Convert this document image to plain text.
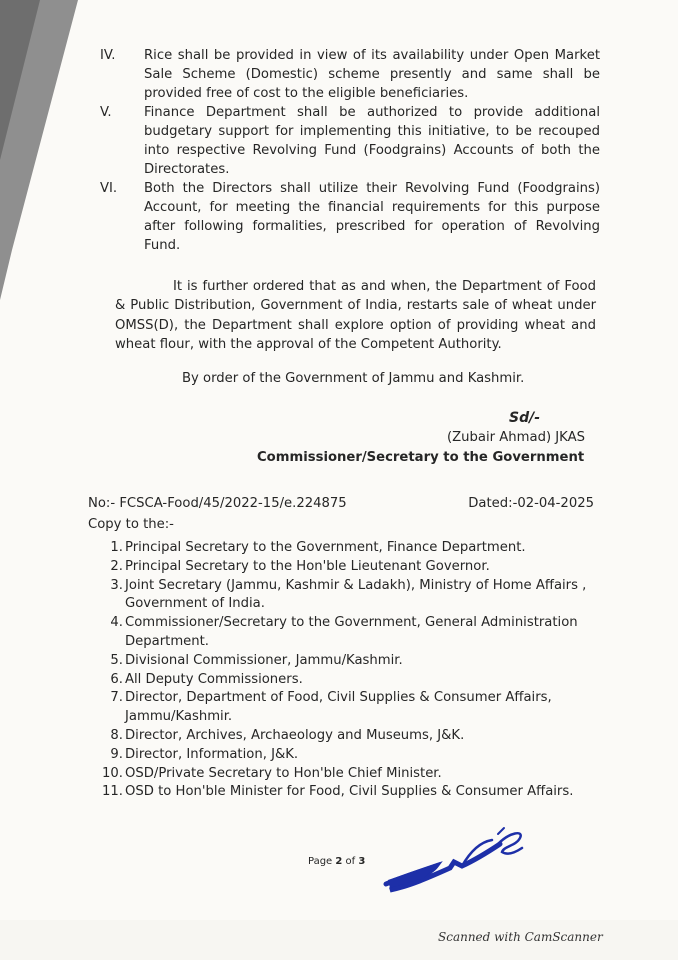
IV.	Rice shall be provided in view of its availability under Open Market Sale Scheme (Domestic) scheme presently and same shall be provided free of cost to the eligible beneficiaries.
V.	Finance Department shall be authorized to provide additional budgetary support for implementing this initiative, to be recouped into respective Revolving Fund (Foodgrains) Accounts of both the Directorates.
VI.	Both the Directors shall utilize their Revolving Fund (Foodgrains) Account, for meeting the financial requirements for this purpose after following formalities, prescribed for operation of Revolving Fund.
It is further ordered that as and when, the Department of Food & Public Distribution, Government of India, restarts sale of wheat under OMSS(D), the Department shall explore option of providing wheat and wheat flour, with the approval of the Competent Authority.
By order of the Government of Jammu and Kashmir.
Sd/-
(Zubair Ahmad) JKAS
Commissioner/Secretary to the Government
No:- FCSCA-Food/45/2022-15/e.224875	Dated:-02-04-2025
Copy to the:-
1. Principal Secretary to the Government, Finance Department.
2. Principal Secretary to the Hon'ble Lieutenant Governor.
3. Joint Secretary (Jammu, Kashmir & Ladakh), Ministry of Home Affairs , Government of India.
4. Commissioner/Secretary to the Government, General Administration Department.
5. Divisional Commissioner, Jammu/Kashmir.
6. All Deputy Commissioners.
7. Director, Department of Food, Civil Supplies & Consumer Affairs, Jammu/Kashmir.
8. Director, Archives, Archaeology and Museums, J&K.
9. Director, Information, J&K.
10. OSD/Private Secretary to Hon'ble Chief Minister.
11. OSD to Hon'ble Minister for Food, Civil Supplies & Consumer Affairs.
Page 2 of 3
Scanned with CamScanner
